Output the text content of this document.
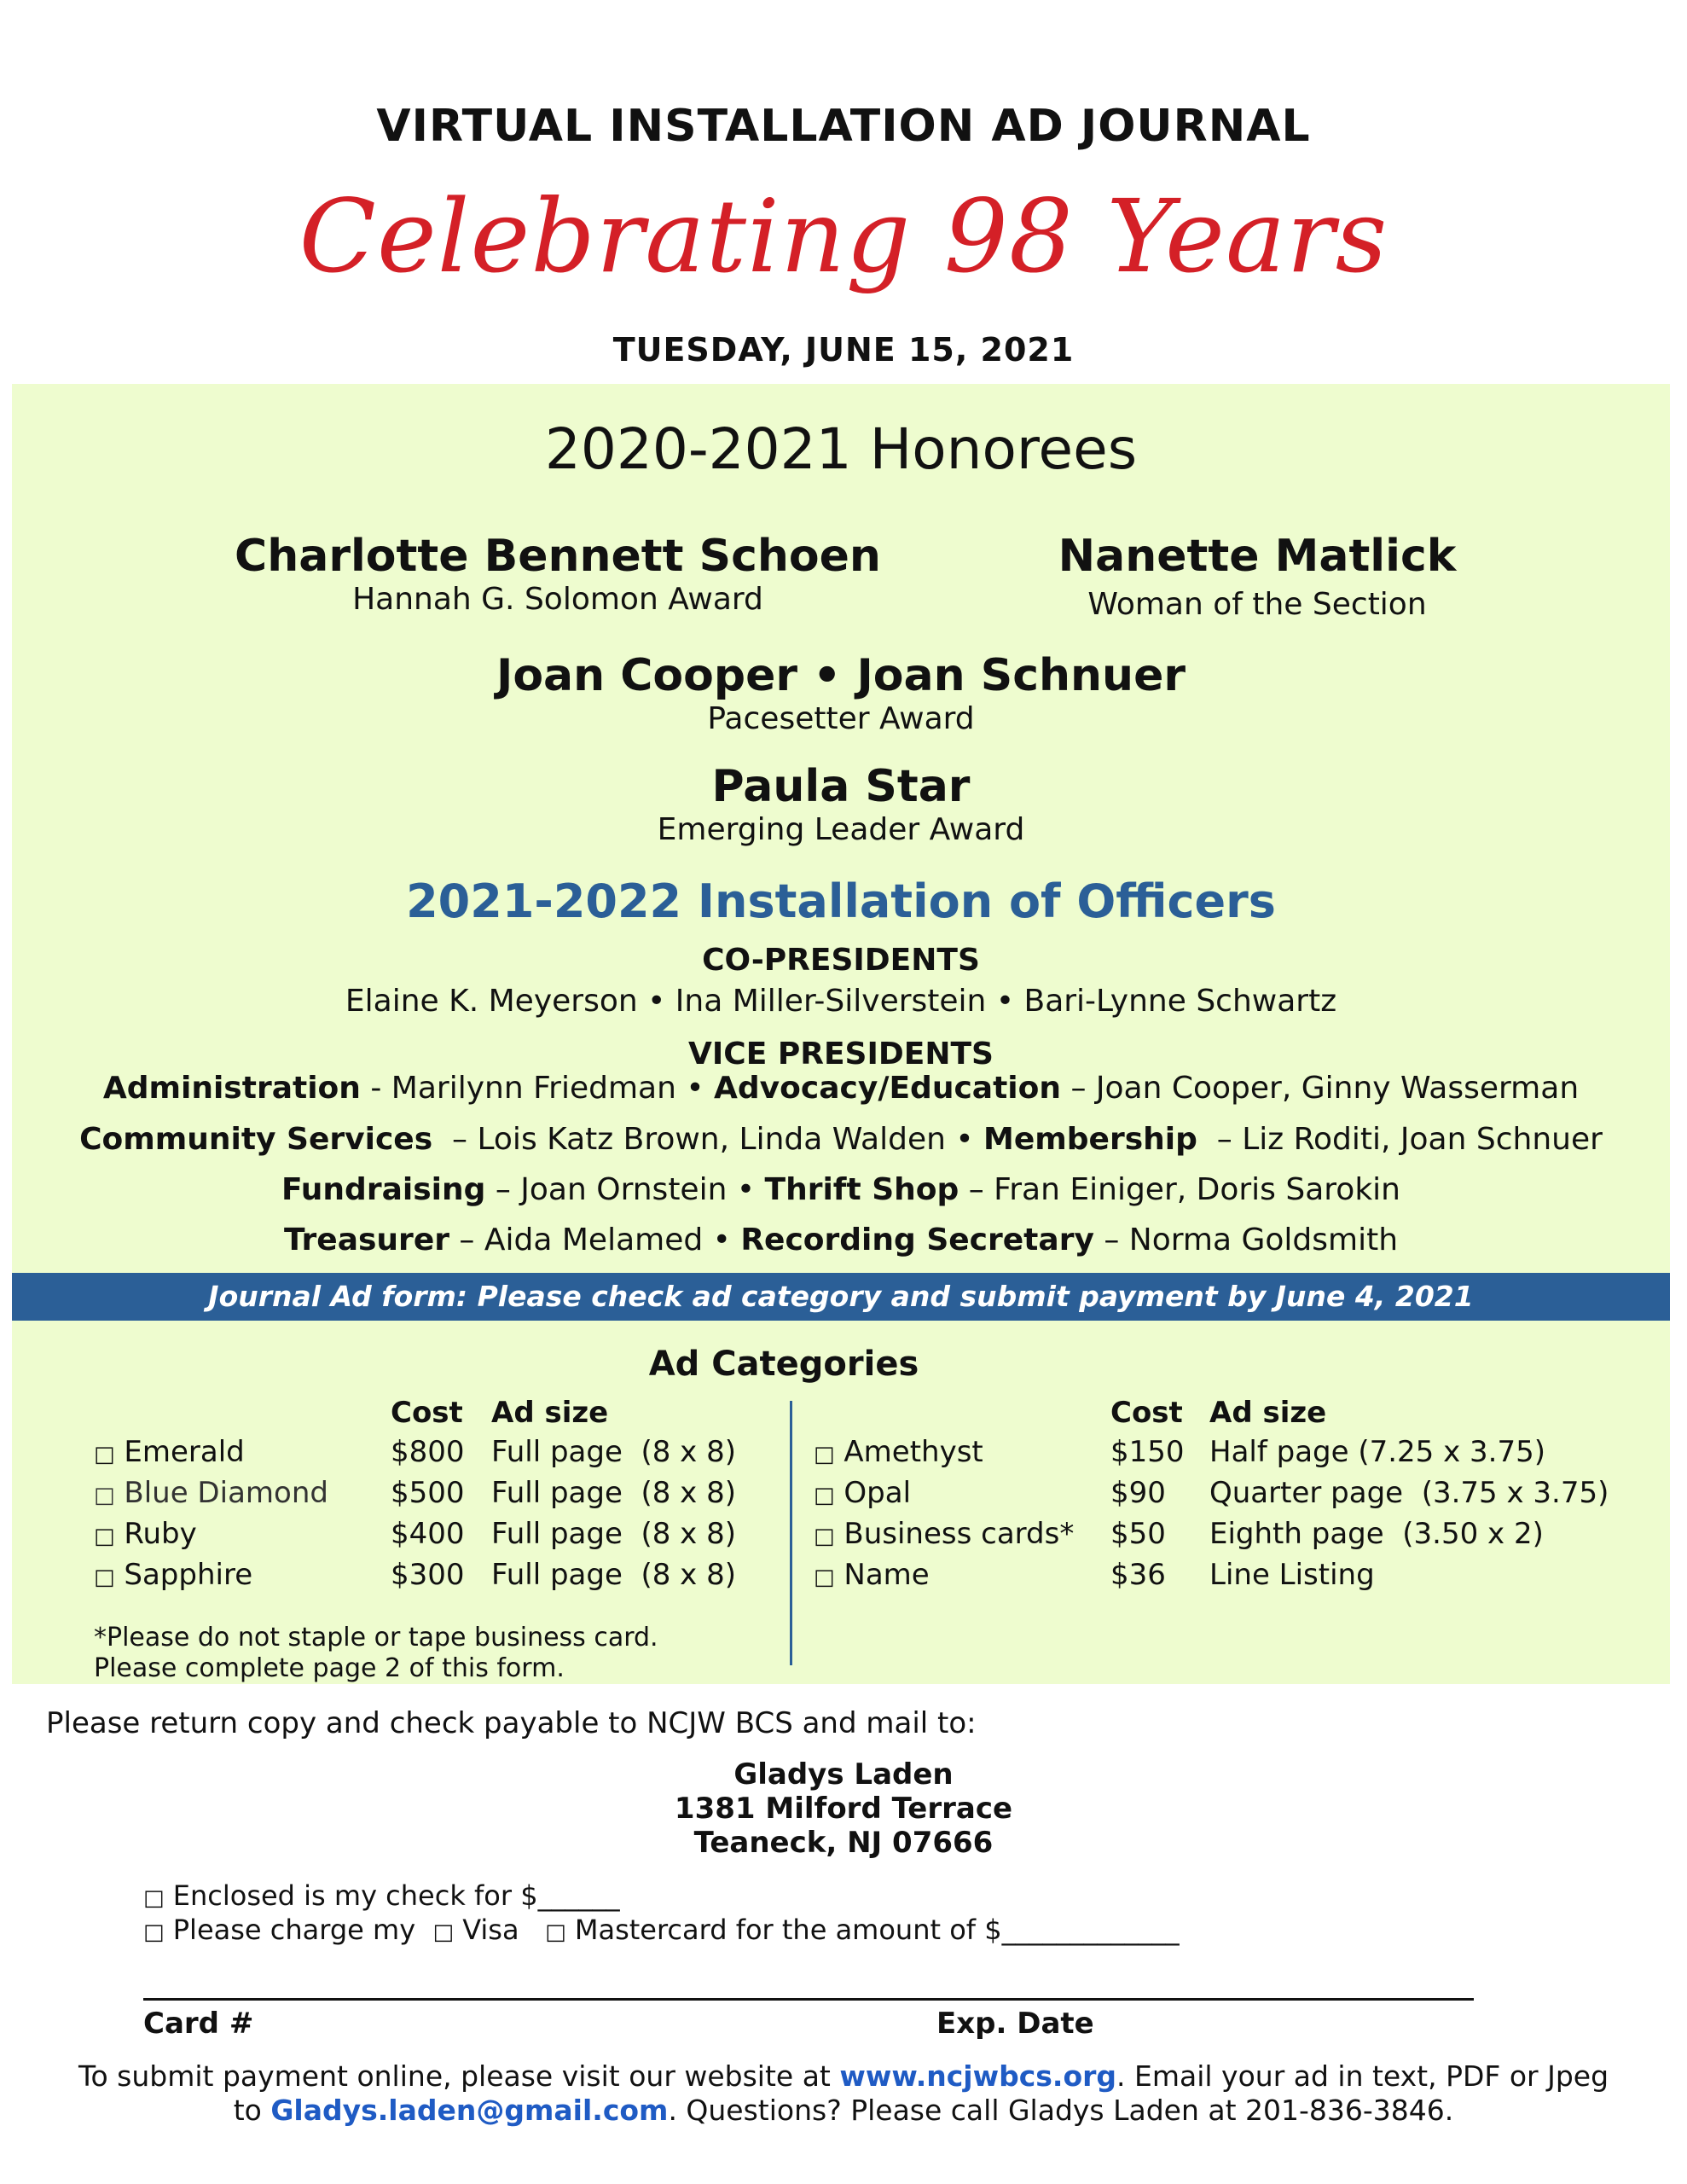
VIRTUAL INSTALLATION AD JOURNAL
Celebrating 98 Years
TUESDAY, JUNE 15, 2021
2020-2021 Honorees
Charlotte Bennett Schoen
Hannah G. Solomon Award
Nanette Matlick
Woman of the Section
Joan Cooper • Joan Schnuer
Pacesetter Award
Paula Star
Emerging Leader Award
2021-2022 Installation of Officers
CO-PRESIDENTS
Elaine K. Meyerson • Ina Miller-Silverstein • Bari-Lynne Schwartz
VICE PRESIDENTS
Administration - Marilynn Friedman • Advocacy/Education – Joan Cooper, Ginny Wasserman
Community Services  – Lois Katz Brown, Linda Walden • Membership  – Liz Roditi, Joan Schnuer
Fundraising – Joan Ornstein • Thrift Shop – Fran Einiger, Doris Sarokin
Treasurer – Aida Melamed • Recording Secretary – Norma Goldsmith
Journal Ad form: Please check ad category and submit payment by June 4, 2021
Ad Categories
Cost Ad size	Cost Ad size
□ Emerald	$800 Full page  (8 x 8)
□ Blue Diamond $500 Full page  (8 x 8)
□ Ruby	$400 Full page  (8 x 8)
□ Sapphire	$300 Full page  (8 x 8)
□ Amethyst	$150 Half page (7.25 x 3.75)
□ Opal	$90 Quarter page  (3.75 x 3.75)
□ Business cards* $50 Eighth page  (3.50 x 2)
□ Name	$36 Line Listing
*Please do not staple or tape business card.
Please complete page 2 of this form.
Please return copy and check payable to NCJW BCS and mail to:
Gladys Laden
1381 Milford Terrace
Teaneck, NJ 07666
□ Enclosed is my check for $______
□ Please charge my □ Visa □ Mastercard for the amount of $_____________
Card #	Exp. Date
To submit payment online, please visit our website at www.ncjwbcs.org. Email your ad in text, PDF or Jpeg
to Gladys.laden@gmail.com. Questions? Please call Gladys Laden at 201-836-3846.
